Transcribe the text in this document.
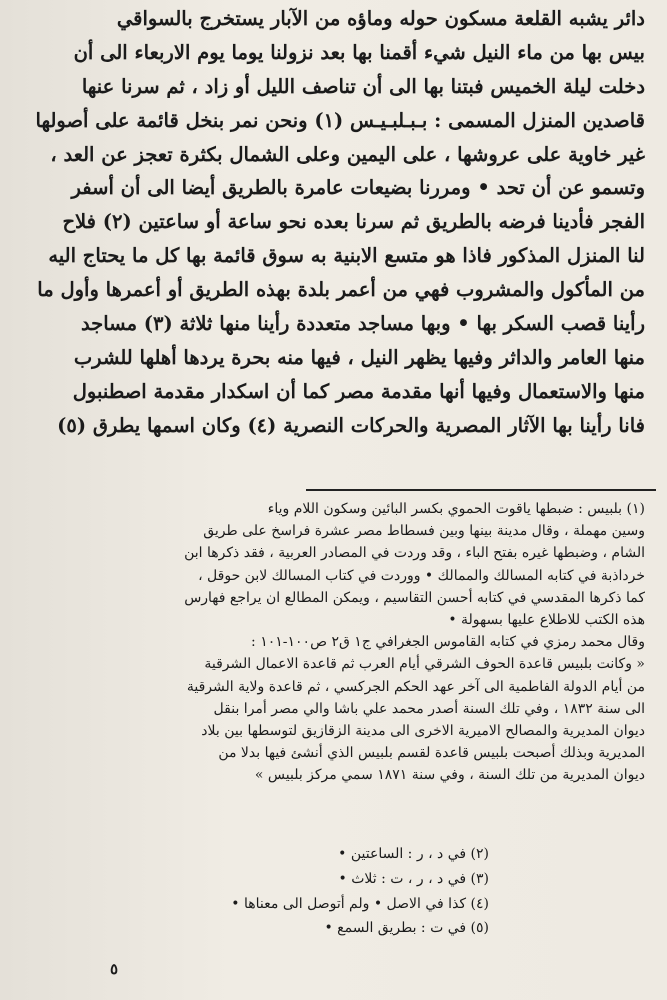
دائر يشبه القلعة مسكون حوله وماؤه من الآبار يستخرج بالسواقي
بيس بها من ماء النيل شيء أقمنا بها بعد نزولنا يوما يوم الاربعاء الى أن
دخلت ليلة الخميس فبتنا بها الى أن تناصف الليل أو زاد ، ثم سرنا عنها
قاصدين المنزل المسمى : بـبـلبـيـس (١) ونحن نمر بنخل قائمة على أصولها
غير خاوية على عروشها ، على اليمين وعلى الشمال بكثرة تعجز عن العد ،
وتسمو عن أن تحد • ومررنا بضيعات عامرة بالطريق أيضا الى أن أسفر
الفجر فأدينا فرضه بالطريق ثم سرنا بعده نحو ساعة أو ساعتين (٢) فلاح
لنا المنزل المذكور فاذا هو متسع الابنية به سوق قائمة بها كل ما يحتاج اليه
من المأكول والمشروب فهي من أعمر بلدة بهذه الطريق أو أعمرها وأول ما
رأينا قصب السكر بها • وبها مساجد متعددة رأينا منها ثلاثة (٣) مساجد
منها العامر والداثر وفيها يظهر النيل ، فيها منه بحرة يردها أهلها للشرب
منها والاستعمال وفيها أنها مقدمة مصر كما أن اسكدار مقدمة اصطنبول
فانا رأينا بها الآثار المصرية والحركات النصرية (٤) وكان اسمها يطرق (٥)
(١) بلبيس : ضبطها ياقوت الحموي بكسر البائين وسكون اللام وياء
وسين مهملة ، وقال مدينة بينها وبين فسطاط مصر عشرة فراسخ على طريق
الشام ، وضبطها غيره بفتح الباء ، وقد وردت في المصادر العربية ، فقد ذكرها ابن
خرداذبة في كتابه المسالك والممالك • ووردت في كتاب المسالك لابن حوقل ،
كما ذكرها المقدسي في كتابه أحسن التقاسيم ، ويمكن المطالع ان يراجع فهارس
هذه الكتب للاطلاع عليها بسهولة •
وقال محمد رمزي في كتابه القاموس الجغرافي ج١ ق٢ ص١٠٠-١٠١ :
« وكانت بلبيس قاعدة الحوف الشرقي أيام العرب ثم قاعدة الاعمال الشرقية
من أيام الدولة الفاطمية الى آخر عهد الحكم الجركسي ، ثم قاعدة ولاية الشرقية
الى سنة ١٨٣٢ ، وفي تلك السنة أصدر محمد علي باشا والي مصر أمرا بنقل
ديوان المديرية والمصالح الاميرية الاخرى الى مدينة الزقازيق لتوسطها بين بلاد
المديرية وبذلك أصبحت بلبيس قاعدة لقسم بلبيس الذي أنشئ فيها بدلا من
ديوان المديرية من تلك السنة ، وفي سنة ١٨٧١ سمي مركز بلبيس »
(٢) في د ، ر : الساعتين •
(٣) في د ، ر ، ت : ثلاث •
(٤) كذا في الاصل • ولم أتوصل الى معناها •
(٥) في ت : بطريق السمع •
٥
